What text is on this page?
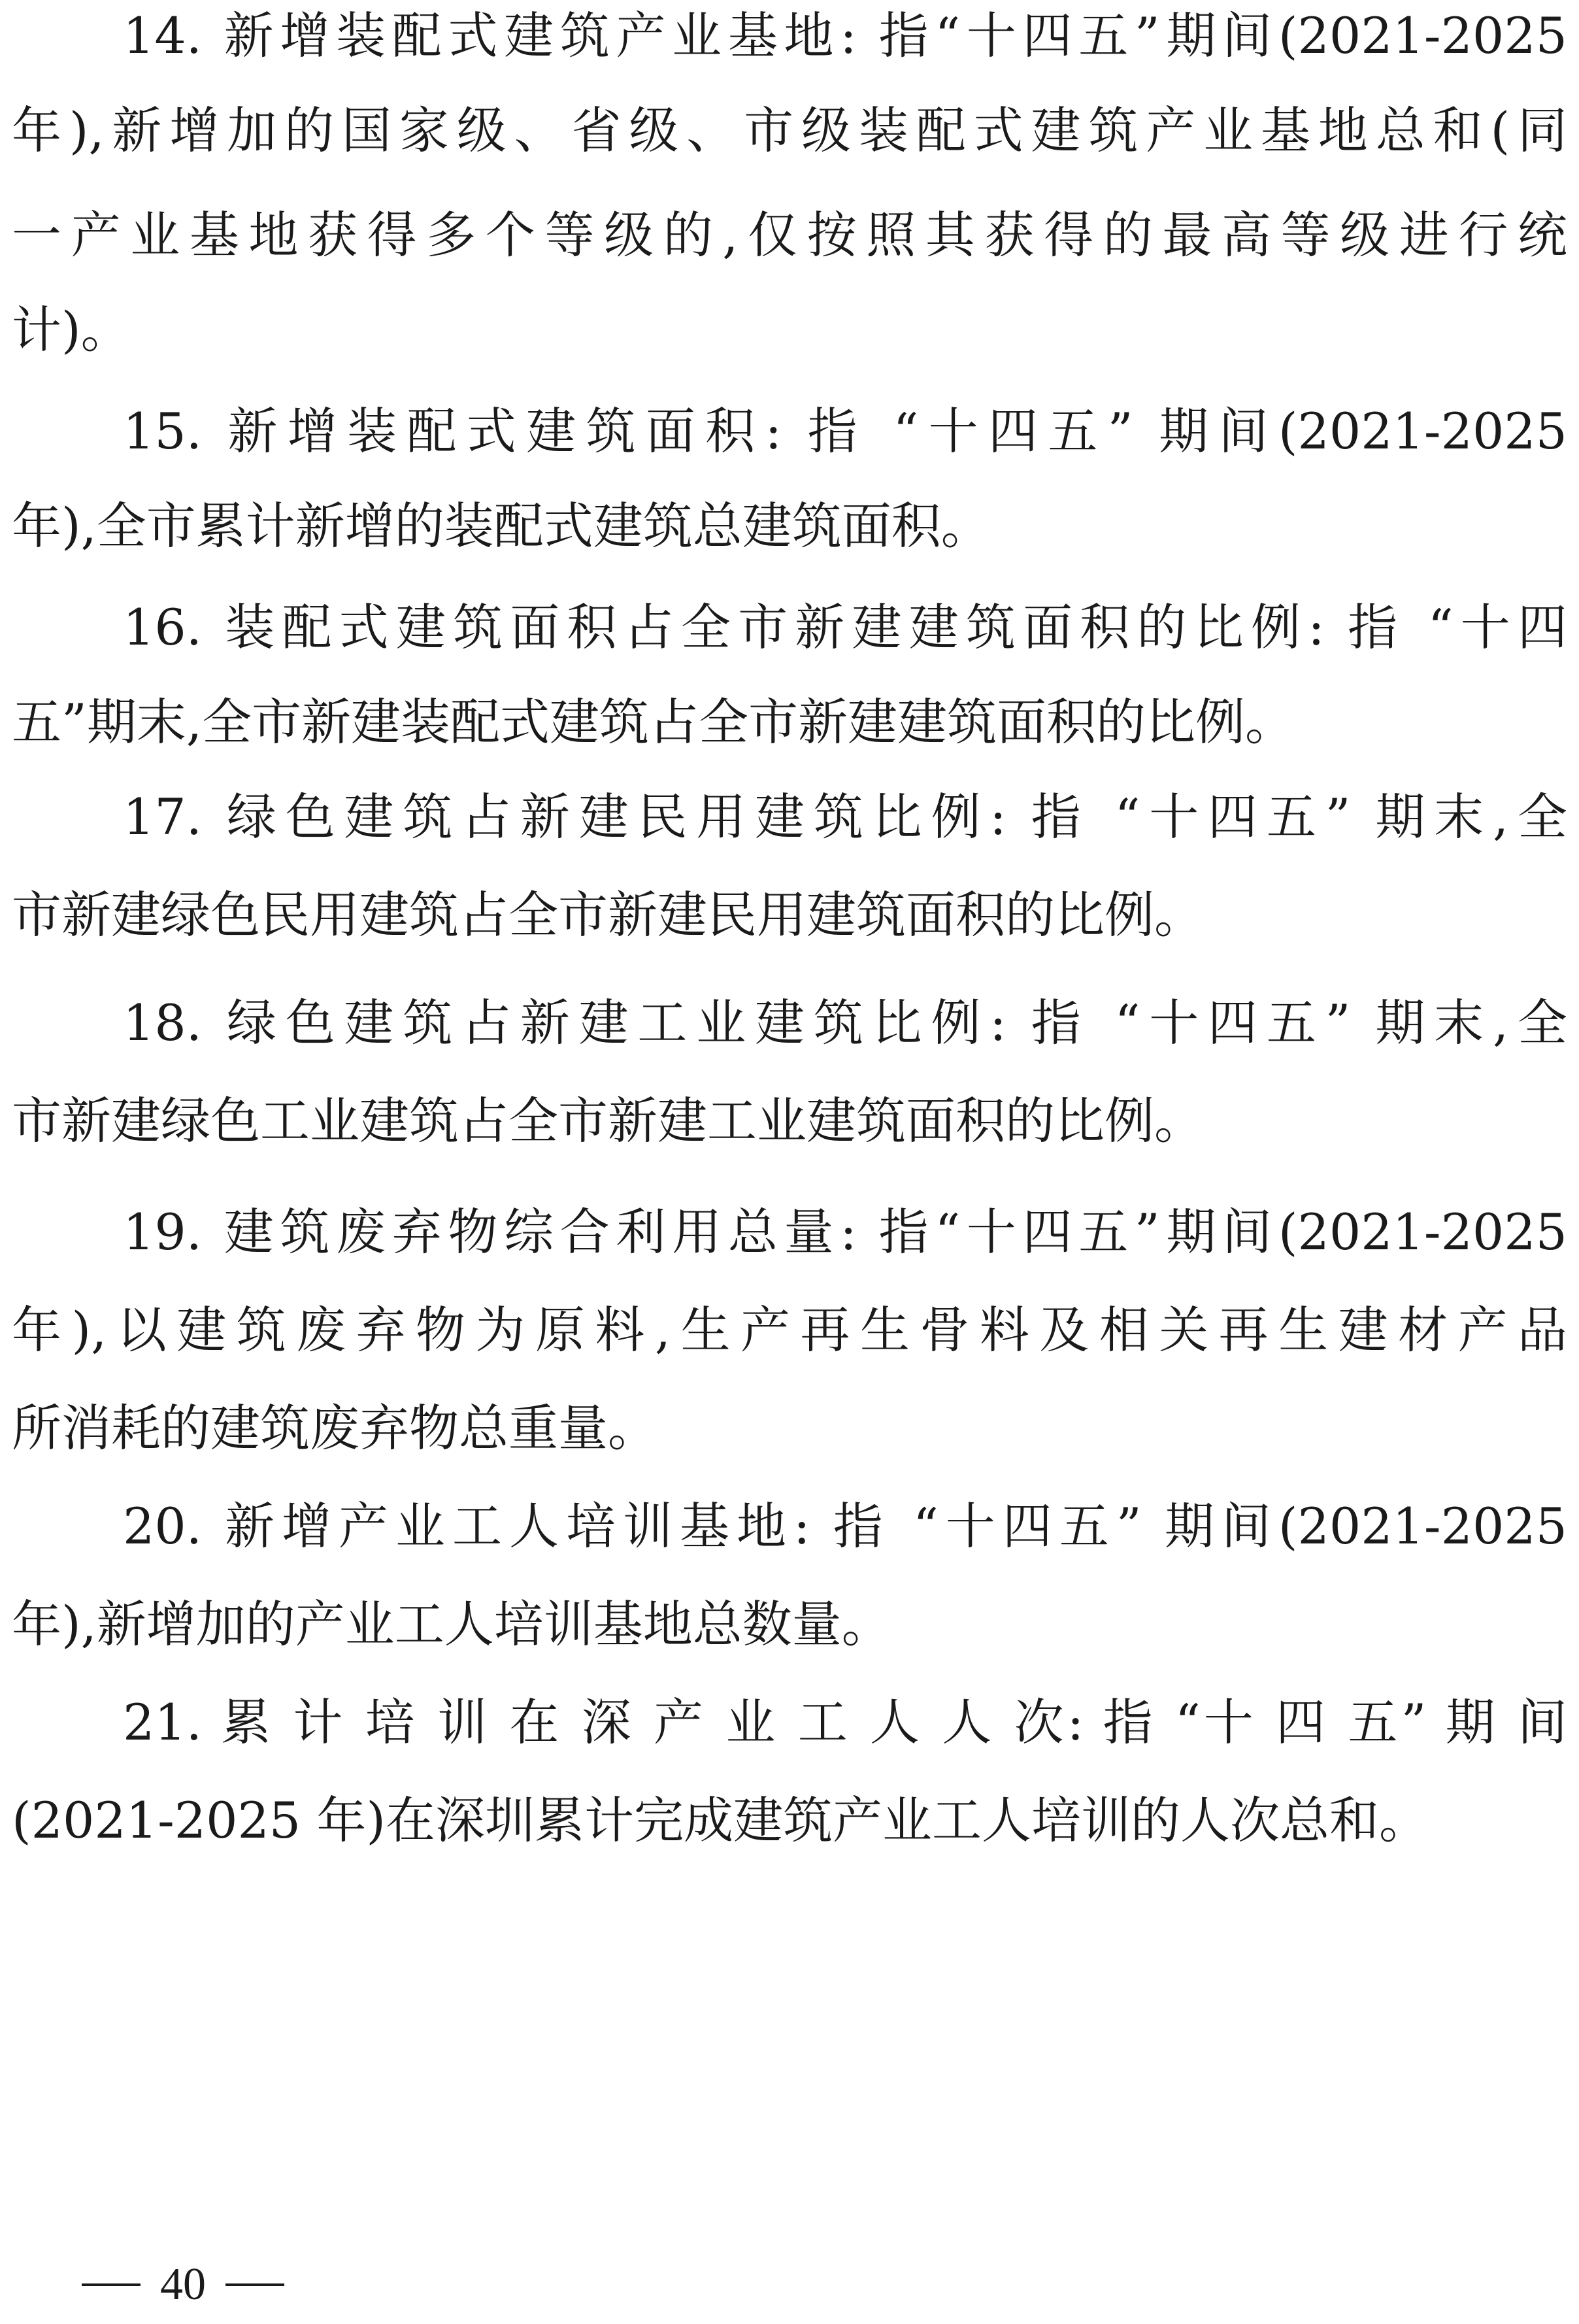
14. 新增装配式建筑产业基地: 指“十四五”期间(2021-2025
年),新增加的国家级、省级、市级装配式建筑产业基地总和(同
一产业基地获得多个等级的,仅按照其获得的最高等级进行统
计)。
15. 新增装配式建筑面积: 指 “十四五” 期间(2021-2025
年),全市累计新增的装配式建筑总建筑面积。
16. 装配式建筑面积占全市新建建筑面积的比例: 指 “十四
五”期末,全市新建装配式建筑占全市新建建筑面积的比例。
17. 绿色建筑占新建民用建筑比例: 指 “十四五” 期末,全
市新建绿色民用建筑占全市新建民用建筑面积的比例。
18. 绿色建筑占新建工业建筑比例: 指 “十四五” 期末,全
市新建绿色工业建筑占全市新建工业建筑面积的比例。
19. 建筑废弃物综合利用总量: 指“十四五”期间(2021-2025
年),以建筑废弃物为原料,生产再生骨料及相关再生建材产品
所消耗的建筑废弃物总重量。
20. 新增产业工人培训基地: 指 “十四五” 期间(2021-2025
年),新增加的产业工人培训基地总数量。
21. 累 计 培 训 在 深 产 业 工 人 人 次: 指 “十 四 五” 期 间
(2021-2025 年)在深圳累计完成建筑产业工人培训的人次总和。
40
